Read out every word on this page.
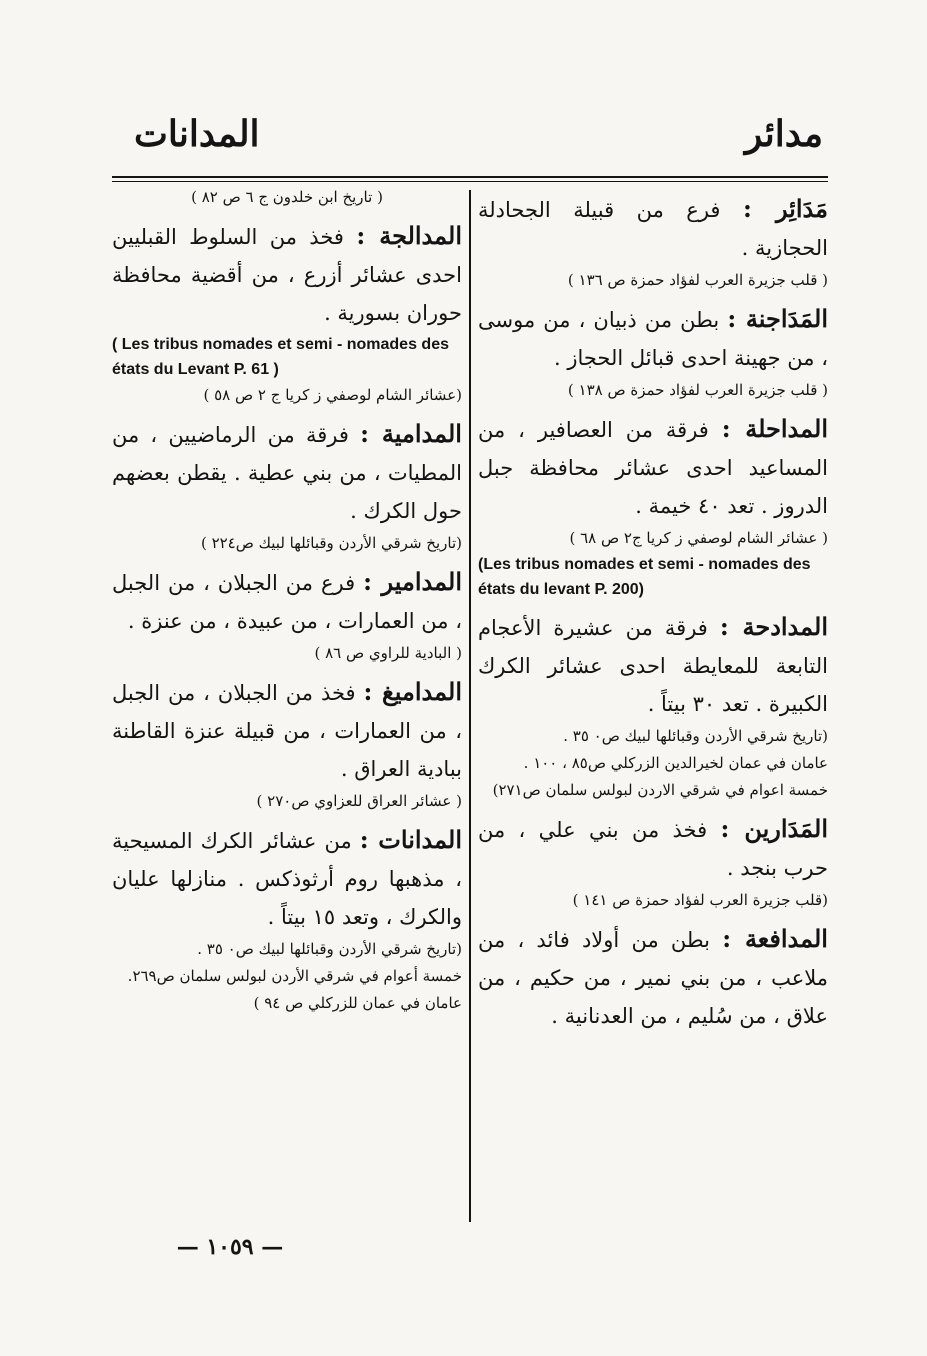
مدائر
المدانات

مَدَائِر : فرع من قبيلة الجحادلة الحجازية .

( قلب جزيرة العرب لفؤاد حمزة ص ١٣٦ )

المَدَاجنة : بطن من ذبيان ، من موسى ، من جهينة احدى قبائل الحجاز .

( قلب جزيرة العرب لفؤاد حمزة ص ١٣٨ )

المداحلة : فرقة من العصافير ، من المساعيد احدى عشائر محافظة جبل الدروز . تعد ٤٠ خيمة .

( عشائر الشام لوصفي ز كريا ج٢ ص ٦٨ )

(Les tribus nomades et semi - nomades des états du levant P. 200)

المدادحة : فرقة من عشيرة الأعجام التابعة للمعايطة احدى عشائر الكرك الكبيرة . تعد ٣٠ بيتاً .

(تاريخ شرقي الأردن وقبائلها لبيك ص٠ ٣٥ .

عامان في عمان لخيرالدين الزركلي ص٨٥ ، ١٠٠ .

خمسة اعوام في شرقي الاردن لبولس سلمان ص٢٧١)

المَدَارين : فخذ من بني علي ، من حرب بنجد .

(قلب جزيرة العرب لفؤاد حمزة ص ١٤١ )

المدافعة : بطن من أولاد فائد ، من ملاعب ، من بني نمير ، من حكيم ، من علاق ، من سُليم ، من العدنانية .

( تاريخ ابن خلدون ج ٦ ص ٨٢ )

المدالجة : فخذ من السلوط القبليين احدى عشائر أزرع ، من أقضية محافظة حوران بسورية .

( Les tribus nomades et semi - nomades des états du Levant P. 61 )

(عشائر الشام لوصفي ز كريا ج ٢ ص ٥٨ )

المدامية : فرقة من الرماضيين ، من المطيات ، من بني عطية . يقطن بعضهم حول الكرك .

(تاريخ شرقي الأردن وقبائلها لبيك ص٢٢٤ )

المدامير : فرع من الجبلان ، من الجبل ، من العمارات ، من عبيدة ، من عنزة .

( البادية للراوي ص ٨٦ )

المداميغ : فخذ من الجبلان ، من الجبل ، من العمارات ، من قبيلة عنزة القاطنة ببادية العراق .

( عشائر العراق للعزاوي ص٢٧٠ )

المدانات : من عشائر الكرك المسيحية ، مذهبها روم أرثوذكس . منازلها عليان والكرك ، وتعد ١٥ بيتاً .

(تاريخ شرقي الأردن وقبائلها لبيك ص٠ ٣٥ .

خمسة أعوام في شرقي الأردن لبولس سلمان ص٢٦٩.

عامان في عمان للزركلي ص ٩٤ )

— ١٠٥٩ —
